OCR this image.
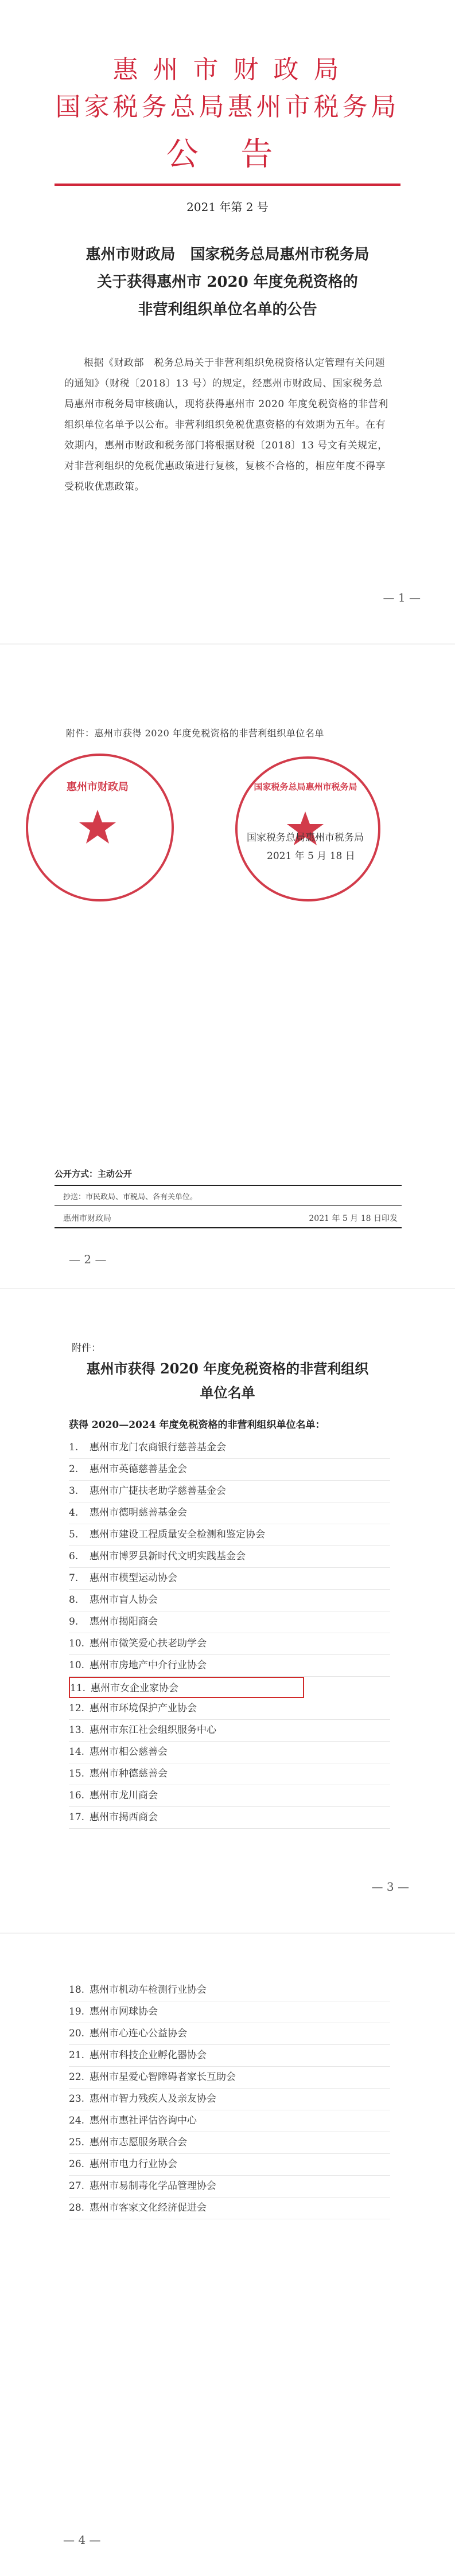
惠 州 市 财 政 局
国家税务总局惠州市税务局
公 告
2021 年第 2 号
惠州市财政局　国家税务总局惠州市税务局
关于获得惠州市 2020 年度免税资格的
非营利组织单位名单的公告
根据《财政部　税务总局关于非营利组织免税资格认定管理有关问题的通知》（财税〔2018〕13 号）的规定，经惠州市财政局、国家税务总局惠州市税务局审核确认，现将获得惠州市 2020 年度免税资格的非营利组织单位名单予以公布。非营利组织免税优惠资格的有效期为五年。在有效期内，惠州市财政和税务部门将根据财税〔2018〕13 号文有关规定，对非营利组织的免税优惠政策进行复核，复核不合格的，相应年度不得享受税收优惠政策。
— 1 —
附件：惠州市获得 2020 年度免税资格的非营利组织单位名单
惠州市财政局	国家税务总局惠州市税务局
国家税务总局惠州市税务局
2021 年 5 月 18 日
公开方式：主动公开
抄送：市民政局、市税局、各有关单位。
惠州市财政局	2021 年 5 月 18 日印发
— 2 —
附件：
惠州市获得 2020 年度免税资格的非营利组织
单位名单
获得 2020—2024 年度免税资格的非营利组织单位名单：
1. 惠州市龙门农商银行慈善基金会
2. 惠州市英德慈善基金会
3. 惠州市广捷扶老助学慈善基金会
4. 惠州市德明慈善基金会
5. 惠州市建设工程质量安全检测和鉴定协会
6. 惠州市博罗县新时代文明实践基金会
7. 惠州市模型运动协会
8. 惠州市盲人协会
9. 惠州市揭阳商会
10. 惠州市微笑爱心扶老助学会
10. 惠州市房地产中介行业协会
11. 惠州市女企业家协会
12. 惠州市环境保护产业协会
13. 惠州市东江社会组织服务中心
14. 惠州市相公慈善会
15. 惠州市种德慈善会
16. 惠州市龙川商会
17. 惠州市揭西商会
— 3 —
18. 惠州市机动车检测行业协会
19. 惠州市网球协会
20. 惠州市心连心公益协会
21. 惠州市科技企业孵化器协会
22. 惠州市星爱心智障碍者家长互助会
23. 惠州市智力残疾人及亲友协会
24. 惠州市惠社评估咨询中心
25. 惠州市志愿服务联合会
26. 惠州市电力行业协会
27. 惠州市易制毒化学品管理协会
28. 惠州市客家文化经济促进会
— 4 —
